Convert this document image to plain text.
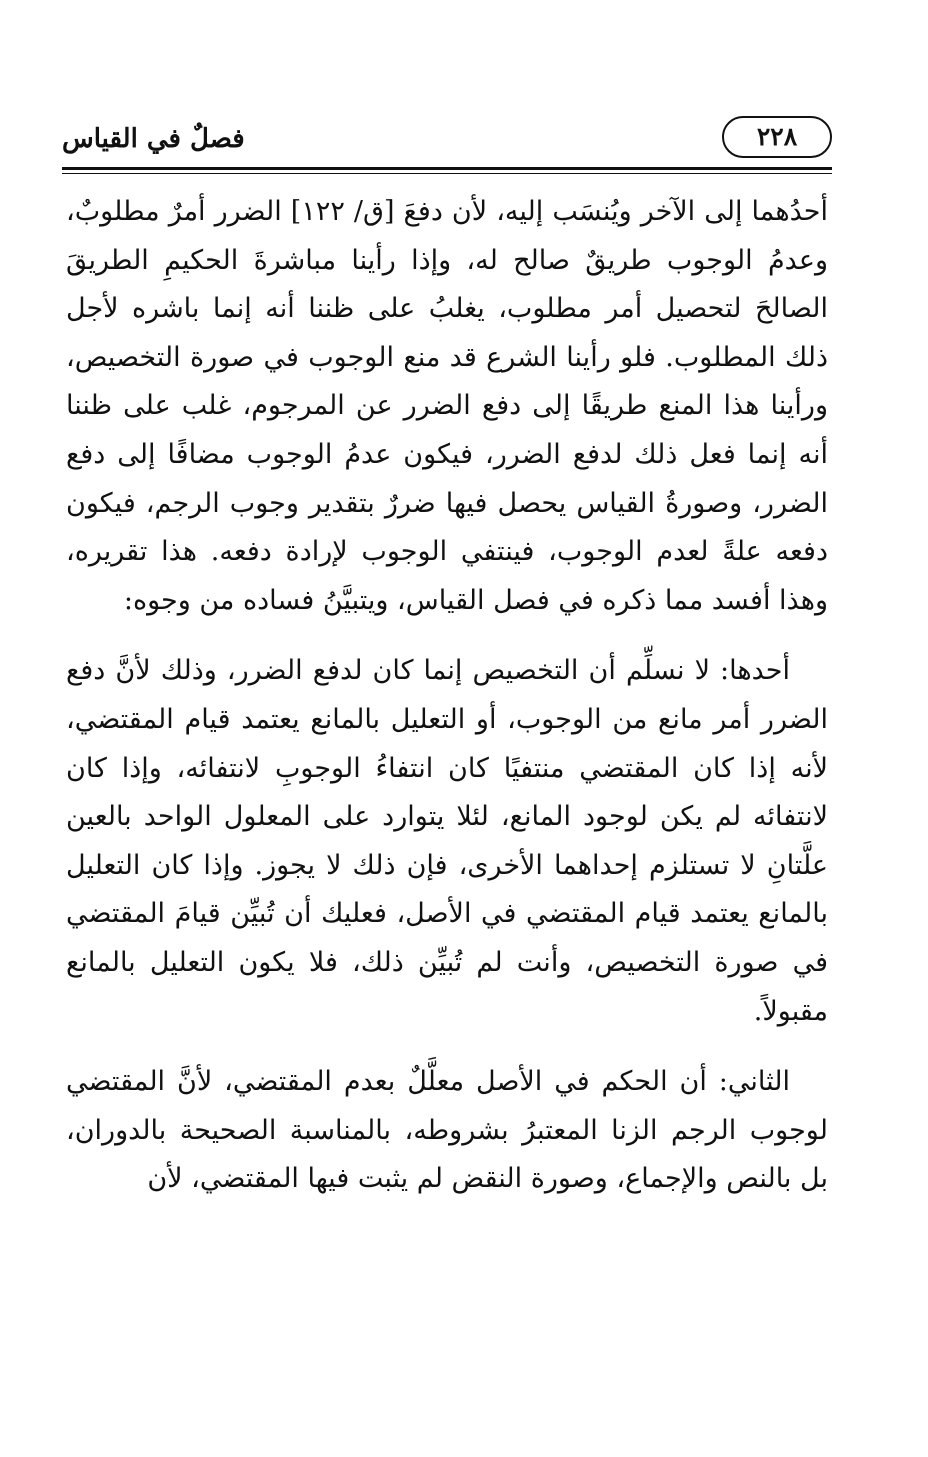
فصلٌ في القياس	٢٢٨

أحدُهما إلى الآخر ويُنسَب إليه، لأن دفعَ [ق/ ١٢٢] الضرر أمرٌ مطلوبٌ، وعدمُ الوجوب طريقٌ صالح له، وإذا رأينا مباشرةَ الحكيمِ الطريقَ الصالحَ لتحصيل أمر مطلوب، يغلبُ على ظننا أنه إنما باشره لأجل ذلك المطلوب. فلو رأينا الشرع قد منع الوجوب في صورة التخصيص، ورأينا هذا المنع طريقًا إلى دفع الضرر عن المرجوم، غلب على ظننا أنه إنما فعل ذلك لدفع الضرر، فيكون عدمُ الوجوب مضافًا إلى دفع الضرر، وصورةُ القياس يحصل فيها ضررٌ بتقدير وجوب الرجم، فيكون دفعه علةً لعدم الوجوب، فينتفي الوجوب لإرادة دفعه. هذا تقريره، وهذا أفسد مما ذكره في فصل القياس، ويتبيَّنُ فساده من وجوه:

أحدها: لا نسلِّم أن التخصيص إنما كان لدفع الضرر، وذلك لأنَّ دفع الضرر أمر مانع من الوجوب، أو التعليل بالمانع يعتمد قيام المقتضي، لأنه إذا كان المقتضي منتفيًا كان انتفاءُ الوجوبِ لانتفائه، وإذا كان لانتفائه لم يكن لوجود المانع، لئلا يتوارد على المعلول الواحد بالعين علَّتانِ لا تستلزم إحداهما الأخرى، فإن ذلك لا يجوز. وإذا كان التعليل بالمانع يعتمد قيام المقتضي في الأصل، فعليك أن تُبيِّن قيامَ المقتضي في صورة التخصيص، وأنت لم تُبيِّن ذلك، فلا يكون التعليل بالمانع مقبولاً.

الثاني: أن الحكم في الأصل معلَّلٌ بعدم المقتضي، لأنَّ المقتضي لوجوب الرجم الزنا المعتبرُ بشروطه، بالمناسبة الصحيحة بالدوران، بل بالنص والإجماع، وصورة النقض لم يثبت فيها المقتضي، لأن
